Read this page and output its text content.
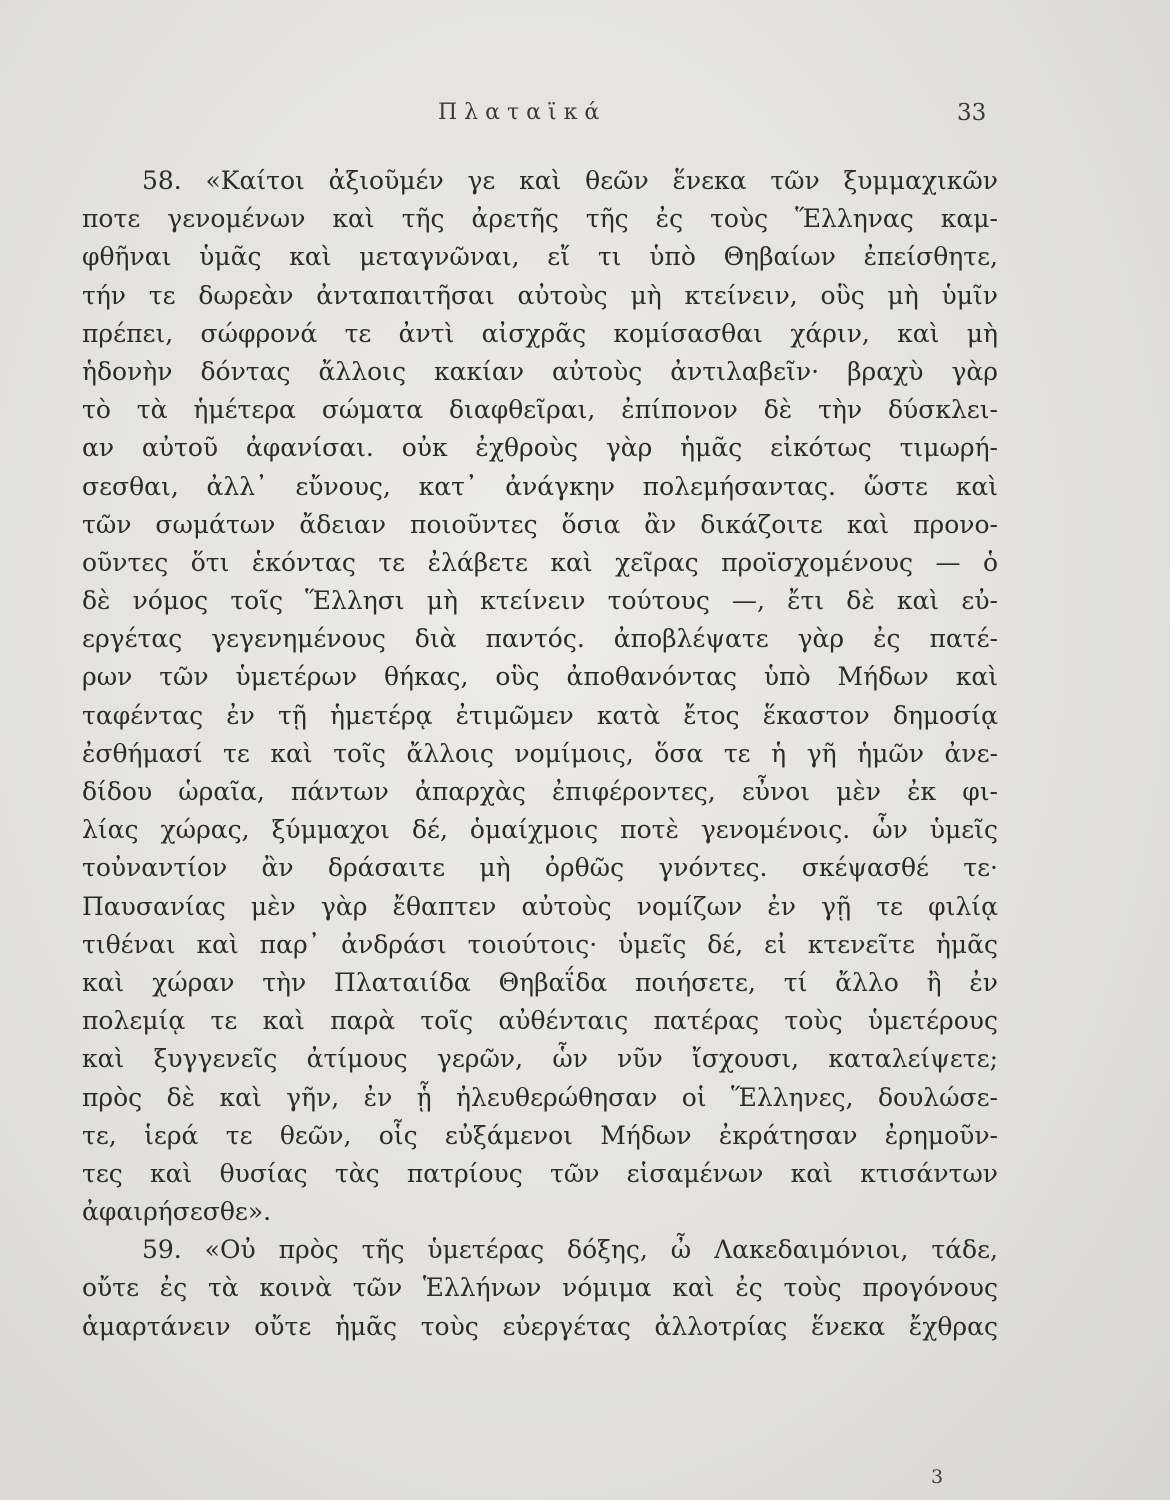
Πλαταϊκά	33
58. «Καίτοι ἀξιοῦμέν γε καὶ θεῶν ἕνεκα τῶν ξυμμαχικῶν
ποτε γενομένων καὶ τῆς ἀρετῆς τῆς ἐς τοὺς Ἕλληνας καμ-
φθῆναι ὑμᾶς καὶ μεταγνῶναι, εἴ τι ὑπὸ Θηβαίων ἐπείσθητε,
τήν τε δωρεὰν ἀνταπαιτῆσαι αὐτοὺς μὴ κτείνειν, οὓς μὴ ὑμῖν
πρέπει, σώφρονά τε ἀντὶ αἰσχρᾶς κομίσασθαι χάριν, καὶ μὴ
ἡδονὴν δόντας ἄλλοις κακίαν αὐτοὺς ἀντιλαβεῖν· βραχὺ γὰρ
τὸ τὰ ἡμέτερα σώματα διαφθεῖραι, ἐπίπονον δὲ τὴν δύσκλει-
αν αὐτοῦ ἀφανίσαι. οὐκ ἐχθροὺς γὰρ ἡμᾶς εἰκότως τιμωρή-
σεσθαι, ἀλλ᾽ εὔνους, κατ᾽ ἀνάγκην πολεμήσαντας. ὥστε καὶ
τῶν σωμάτων ἄδειαν ποιοῦντες ὅσια ἂν δικάζοιτε καὶ προνο-
οῦντες ὅτι ἑκόντας τε ἐλάβετε καὶ χεῖρας προϊσχομένους — ὁ
δὲ νόμος τοῖς Ἕλλησι μὴ κτείνειν τούτους —, ἔτι δὲ καὶ εὐ-
εργέτας γεγενημένους διὰ παντός. ἀποβλέψατε γὰρ ἐς πατέ-
ρων τῶν ὑμετέρων θήκας, οὓς ἀποθανόντας ὑπὸ Μήδων καὶ
ταφέντας ἐν τῇ ἡμετέρᾳ ἐτιμῶμεν κατὰ ἔτος ἕκαστον δημοσίᾳ
ἐσθήμασί τε καὶ τοῖς ἄλλοις νομίμοις, ὅσα τε ἡ γῆ ἡμῶν ἀνε-
δίδου ὡραῖα, πάντων ἀπαρχὰς ἐπιφέροντες, εὖνοι μὲν ἐκ φι-
λίας χώρας, ξύμμαχοι δέ, ὁμαίχμοις ποτὲ γενομένοις. ὧν ὑμεῖς
τοὐναντίον ἂν δράσαιτε μὴ ὀρθῶς γνόντες. σκέψασθέ τε·
Παυσανίας μὲν γὰρ ἔθαπτεν αὐτοὺς νομίζων ἐν γῇ τε φιλίᾳ
τιθέναι καὶ παρ᾽ ἀνδράσι τοιούτοις· ὑμεῖς δέ, εἰ κτενεῖτε ἡμᾶς
καὶ χώραν τὴν Πλαταιίδα Θηβαΐδα ποιήσετε, τί ἄλλο ἢ ἐν
πολεμίᾳ τε καὶ παρὰ τοῖς αὐθένταις πατέρας τοὺς ὑμετέρους
καὶ ξυγγενεῖς ἀτίμους γερῶν, ὧν νῦν ἴσχουσι, καταλείψετε;
πρὸς δὲ καὶ γῆν, ἐν ᾗ ἠλευθερώθησαν οἱ Ἕλληνες, δουλώσε-
τε, ἱερά τε θεῶν, οἷς εὐξάμενοι Μήδων ἐκράτησαν ἐρημοῦν-
τες καὶ θυσίας τὰς πατρίους τῶν εἱσαμένων καὶ κτισάντων
ἀφαιρήσεσθε».
59. «Οὐ πρὸς τῆς ὑμετέρας δόξης, ὦ Λακεδαιμόνιοι, τάδε,
οὔτε ἐς τὰ κοινὰ τῶν Ἑλλήνων νόμιμα καὶ ἐς τοὺς προγόνους
ἁμαρτάνειν οὔτε ἡμᾶς τοὺς εὐεργέτας ἀλλοτρίας ἕνεκα ἔχθρας
3
